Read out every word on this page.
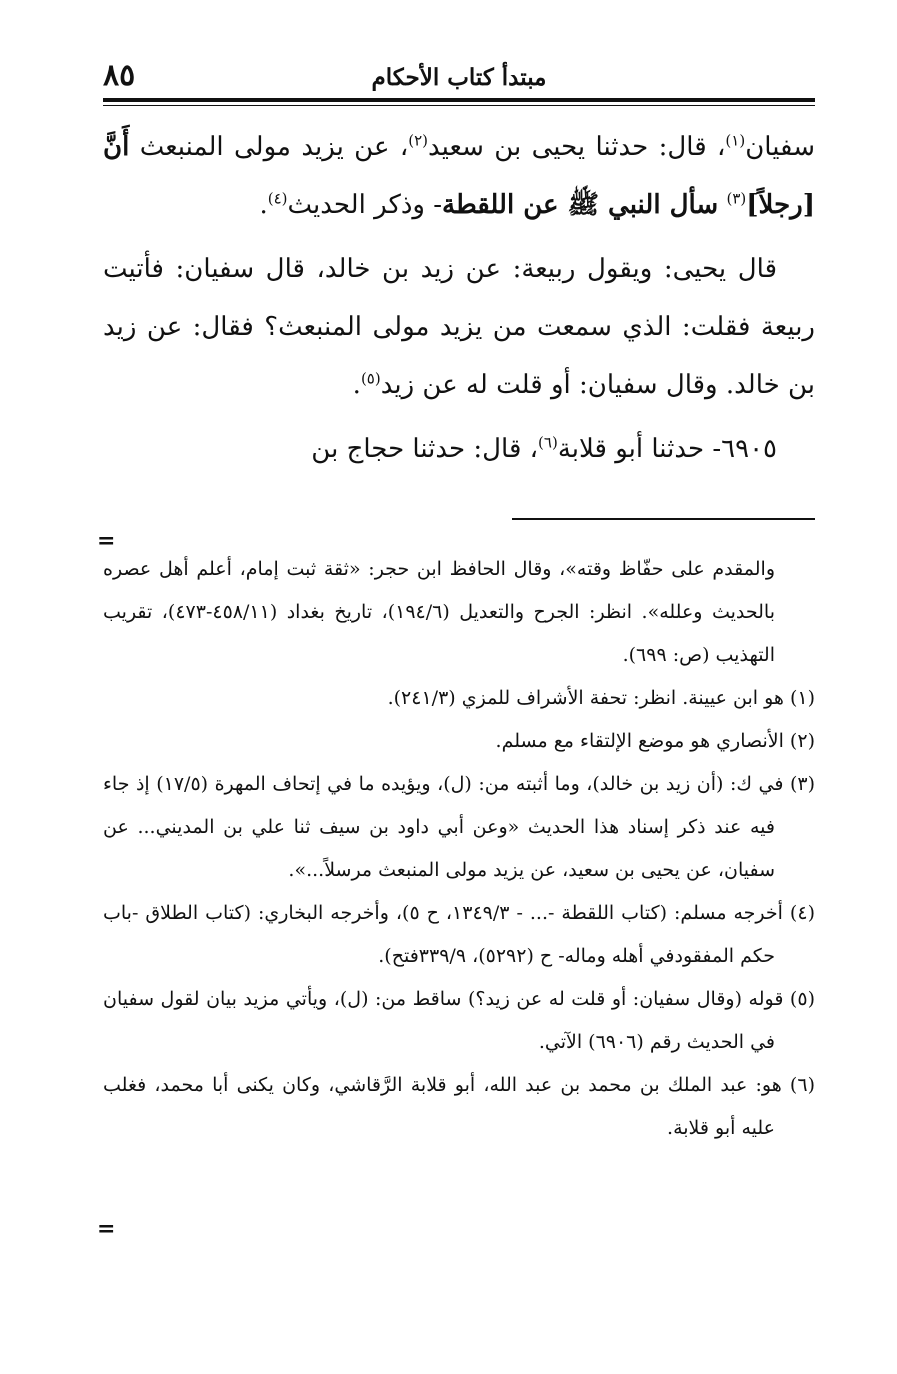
٨٥	مبتدأ كتاب الأحكام

سفيان$^{(١)}$، قال: حدثنا يحيى بن سعيد$^{(٢)}$، عن يزيد مولى المنبعث أَنَّ [رجلاً]$^{(٣)}$ سأل النبي ﷺ عن اللقطة- وذكر الحديث$^{(٤)}$.

قال يحيى: ويقول ربيعة: عن زيد بن خالد، قال سفيان: فأتيت ربيعة فقلت: الذي سمعت من يزيد مولى المنبعث؟ فقال: عن زيد بن خالد. وقال سفيان: أو قلت له عن زيد$^{(٥)}$.

٦٩٠٥- حدثنا أبو قلابة$^{(٦)}$، قال: حدثنا حجاج بن

=

والمقدم على حفّاظ وقته»، وقال الحافظ ابن حجر: «ثقة ثبت إمام، أعلم أهل عصره بالحديث وعلله». انظر: الجرح والتعديل (١٩٤/٦)، تاريخ بغداد (٤٥٨/١١-٤٧٣)، تقريب التهذيب (ص: ٦٩٩).

(١) هو ابن عيينة. انظر: تحفة الأشراف للمزي (٢٤١/٣).

(٢) الأنصاري هو موضع الإلتقاء مع مسلم.

(٣) في ك: (أن زيد بن خالد)، وما أثبته من: (ل)، ويؤيده ما في إتحاف المهرة (١٧/٥) إذ جاء فيه عند ذكر إسناد هذا الحديث «وعن أبي داود بن سيف ثنا علي بن المديني... عن سفيان، عن يحيى بن سعيد، عن يزيد مولى المنبعث مرسلاً...».

(٤) أخرجه مسلم: (كتاب اللقطة -... - ١٣٤٩/٣، ح ٥)، وأخرجه البخاري: (كتاب الطلاق -باب حكم المفقودفي أهله وماله- ح (٥٢٩٢)، ٣٣٩/٩فتح).

(٥) قوله (وقال سفيان: أو قلت له عن زيد؟) ساقط من: (ل)، ويأتي مزيد بيان لقول سفيان في الحديث رقم (٦٩٠٦) الآتي.

(٦) هو: عبد الملك بن محمد بن عبد الله، أبو قلابة الرَّقاشي، وكان يكنى أبا محمد، فغلب عليه أبو قلابة.

=
